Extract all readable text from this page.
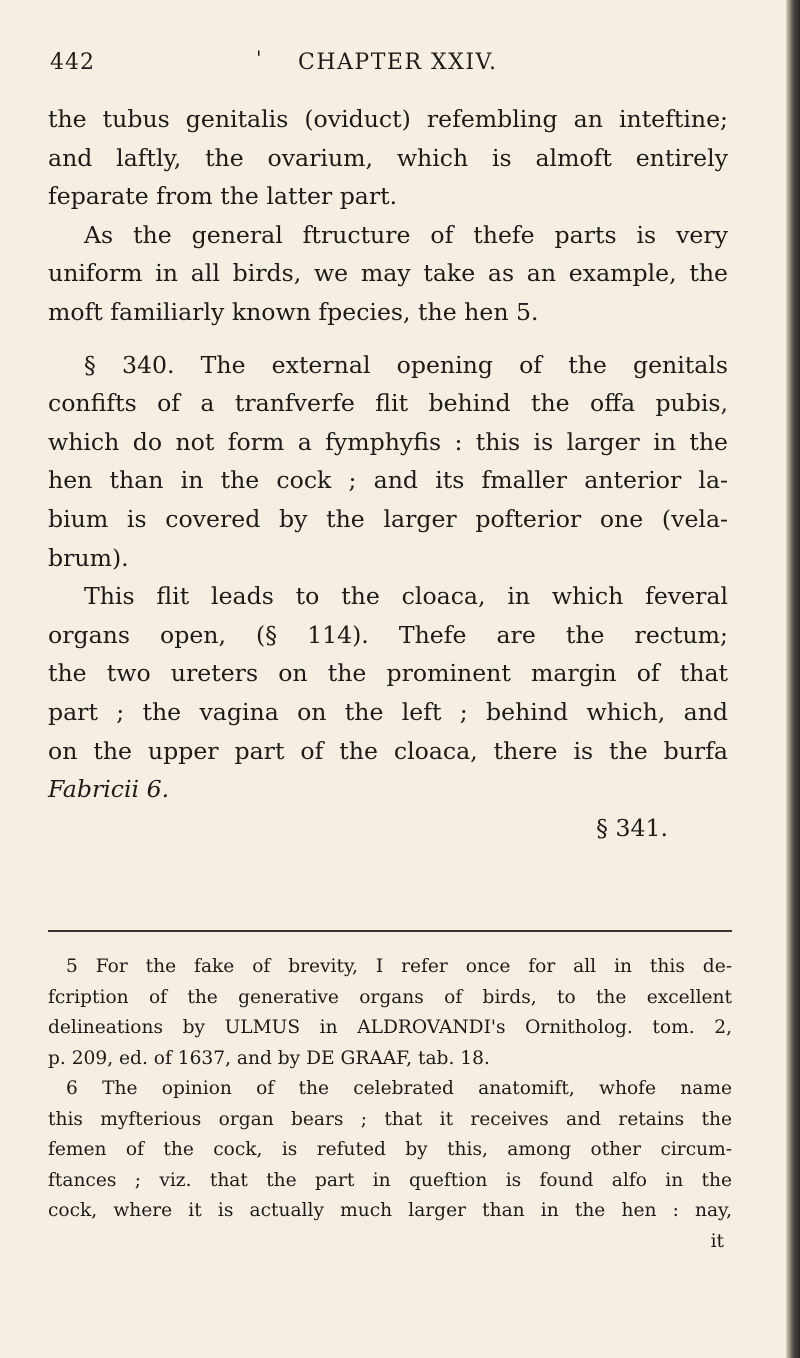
442	' CHAPTER XXIV.
the tubus genitalis (oviduct) refembling an inteftine;
and laftly, the ovarium, which is almoft entirely
feparate from the latter part.
As the general ftructure of thefe parts is very
uniform in all birds, we may take as an example, the
moft familiarly known fpecies, the hen 5.
§ 340. The external opening of the genitals
confifts of a tranfverfe flit behind the offa pubis,
which do not form a fymphyfis : this is larger in the
hen than in the cock ; and its fmaller anterior la-
bium is covered by the larger pofterior one (vela-
brum).
This flit leads to the cloaca, in which feveral
organs open, (§ 114). Thefe are the rectum;
the two ureters on the prominent margin of that
part ; the vagina on the left ; behind which, and
on the upper part of the cloaca, there is the burfa
Fabricii 6.
§ 341.
5 For the fake of brevity, I refer once for all in this de-
fcription of the generative organs of birds, to the excellent
delineations by ULMUS in ALDROVANDI's Ornitholog. tom. 2,
p. 209, ed. of 1637, and by DE GRAAF, tab. 18.
6 The opinion of the celebrated anatomift, whofe name
this myfterious organ bears ; that it receives and retains the
femen of the cock, is refuted by this, among other circum-
ftances ; viz. that the part in queftion is found alfo in the
cock, where it is actually much larger than in the hen : nay,
it
